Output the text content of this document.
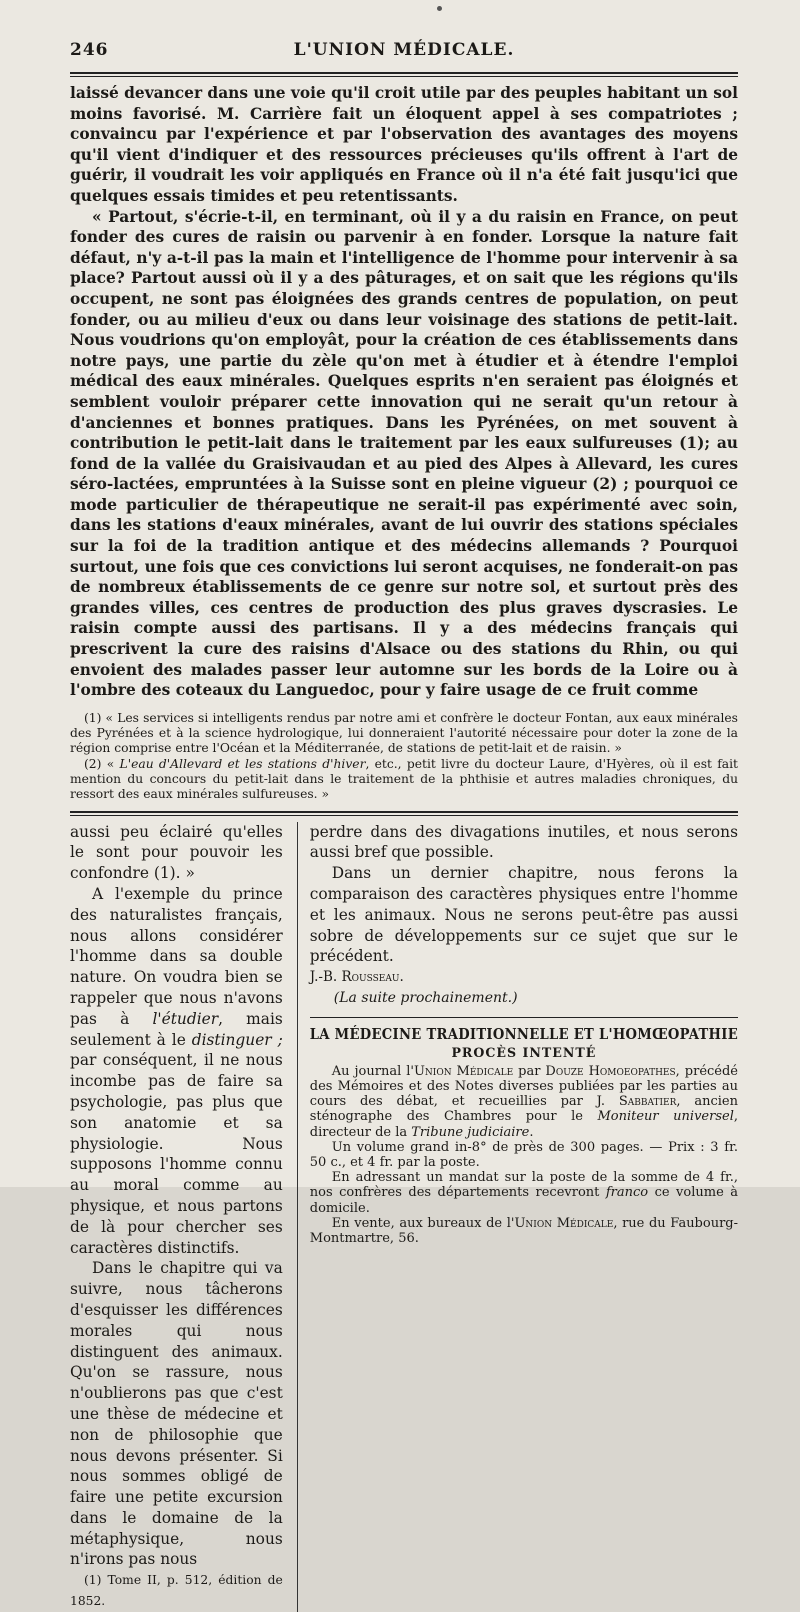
246	L'UNION MÉDICALE.

laissé devancer dans une voie qu'il croit utile par des peuples habitant un sol moins favorisé. M. Carrière fait un éloquent appel à ses compatriotes ; convaincu par l'expérience et par l'observation des avantages des moyens qu'il vient d'indiquer et des ressources précieuses qu'ils offrent à l'art de guérir, il voudrait les voir appliqués en France où il n'a été fait jusqu'ici que quelques essais timides et peu retentissants.

« Partout, s'écrie-t-il, en terminant, où il y a du raisin en France, on peut fonder des cures de raisin ou parvenir à en fonder. Lorsque la nature fait défaut, n'y a-t-il pas la main et l'intelligence de l'homme pour intervenir à sa place? Partout aussi où il y a des pâturages, et on sait que les régions qu'ils occupent, ne sont pas éloignées des grands centres de population, on peut fonder, ou au milieu d'eux ou dans leur voisinage des stations de petit-lait. Nous voudrions qu'on employât, pour la création de ces établissements dans notre pays, une partie du zèle qu'on met à étudier et à étendre l'emploi médical des eaux minérales. Quelques esprits n'en seraient pas éloignés et semblent vouloir préparer cette innovation qui ne serait qu'un retour à d'anciennes et bonnes pratiques. Dans les Pyrénées, on met souvent à contribution le petit-lait dans le traitement par les eaux sulfureuses (1); au fond de la vallée du Graisivaudan et au pied des Alpes à Allevard, les cures séro-lactées, empruntées à la Suisse sont en pleine vigueur (2) ; pourquoi ce mode particulier de thérapeutique ne serait-il pas expérimenté avec soin, dans les stations d'eaux minérales, avant de lui ouvrir des stations spéciales sur la foi de la tradition antique et des médecins allemands ? Pourquoi surtout, une fois que ces convictions lui seront acquises, ne fonderait-on pas de nombreux établissements de ce genre sur notre sol, et surtout près des grandes villes, ces centres de production des plus graves dyscrasies. Le raisin compte aussi des partisans. Il y a des médecins français qui prescrivent la cure des raisins d'Alsace ou des stations du Rhin, ou qui envoient des malades passer leur automne sur les bords de la Loire ou à l'ombre des coteaux du Languedoc, pour y faire usage de ce fruit comme

(1) « Les services si intelligents rendus par notre ami et confrère le docteur Fontan, aux eaux minérales des Pyrénées et à la science hydrologique, lui donneraient l'autorité nécessaire pour doter la zone de la région comprise entre l'Océan et la Méditerranée, de stations de petit-lait et de raisin. »

(2) « L'eau d'Allevard et les stations d'hiver, etc., petit livre du docteur Laure, d'Hyères, où il est fait mention du concours du petit-lait dans le traitement de la phthisie et autres maladies chroniques, du ressort des eaux minérales sulfureuses. »

aussi peu éclairé qu'elles le sont pour pouvoir les confondre (1). »

A l'exemple du prince des naturalistes français, nous allons considérer l'homme dans sa double nature. On voudra bien se rappeler que nous n'avons pas à l'étudier, mais seulement à le distinguer ; par conséquent, il ne nous incombe pas de faire sa psychologie, pas plus que son anatomie et sa physiologie. Nous supposons l'homme connu au moral comme au physique, et nous partons de là pour chercher ses caractères distinctifs.

Dans le chapitre qui va suivre, nous tâcherons d'esquisser les différences morales qui nous distinguent des animaux. Qu'on se rassure, nous n'oublierons pas que c'est une thèse de médecine et non de philosophie que nous devons présenter. Si nous sommes obligé de faire une petite excursion dans le domaine de la métaphysique, nous n'irons pas nous

(1) Tome II, p. 512, édition de 1852.

perdre dans des divagations inutiles, et nous serons aussi bref que possible.

Dans un dernier chapitre, nous ferons la comparaison des caractères physiques entre l'homme et les animaux. Nous ne serons peut-être pas aussi sobre de développements sur ce sujet que sur le précédent.

J.-B. Rousseau.

(La suite prochainement.)

LA MÉDECINE TRADITIONNELLE ET L'HOMŒOPATHIE
PROCÈS INTENTÉ

Au journal l'Union Médicale par Douze Homoeopathes, précédé des Mémoires et des Notes diverses publiées par les parties au cours des débat, et recueillies par J. Sabbatier, ancien sténographe des Chambres pour le Moniteur universel, directeur de la Tribune judiciaire.

Un volume grand in-8° de près de 300 pages. — Prix : 3 fr. 50 c., et 4 fr. par la poste.

En adressant un mandat sur la poste de la somme de 4 fr., nos confrères des départements recevront franco ce volume à domicile.

En vente, aux bureaux de l'Union Médicale, rue du Faubourg-Montmartre, 56.
